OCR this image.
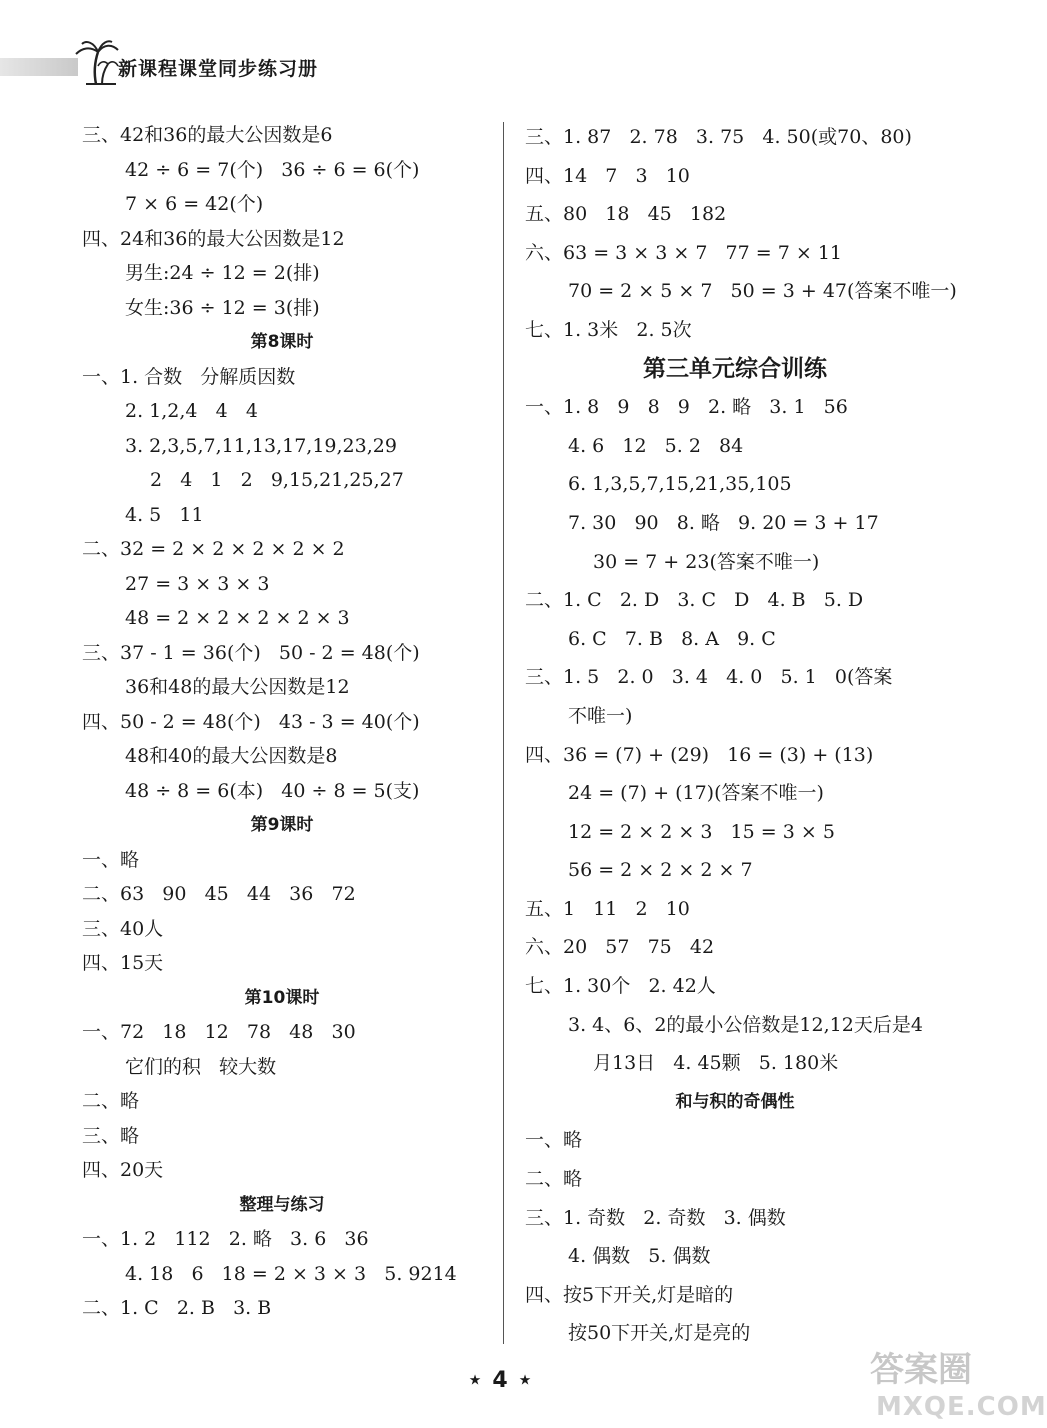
新课程课堂同步练习册
三、42和36的最大公因数是6
42 ÷ 6 = 7(个)   36 ÷ 6 = 6(个)
7 × 6 = 42(个)
四、24和36的最大公因数是12
男生:24 ÷ 12 = 2(排)
女生:36 ÷ 12 = 3(排)
第8课时
一、1. 合数   分解质因数
2. 1,2,4   4   4
3. 2,3,5,7,11,13,17,19,23,29
2   4   1   2   9,15,21,25,27
4. 5   11
二、32 = 2 × 2 × 2 × 2 × 2
27 = 3 × 3 × 3
48 = 2 × 2 × 2 × 2 × 3
三、37 - 1 = 36(个)   50 - 2 = 48(个)
36和48的最大公因数是12
四、50 - 2 = 48(个)   43 - 3 = 40(个)
48和40的最大公因数是8
48 ÷ 8 = 6(本)   40 ÷ 8 = 5(支)
第9课时
一、略
二、63   90   45   44   36   72
三、40人
四、15天
第10课时
一、72   18   12   78   48   30
它们的积   较大数
二、略
三、略
四、20天
整理与练习
一、1. 2   112   2. 略   3. 6   36
4. 18   6   18 = 2 × 3 × 3   5. 9214
二、1. C   2. B   3. B
三、1. 87   2. 78   3. 75   4. 50(或70、80)
四、14   7   3   10
五、80   18   45   182
六、63 = 3 × 3 × 7   77 = 7 × 11
70 = 2 × 5 × 7   50 = 3 + 47(答案不唯一)
七、1. 3米   2. 5次
第三单元综合训练
一、1. 8   9   8   9   2. 略   3. 1   56
4. 6   12   5. 2   84
6. 1,3,5,7,15,21,35,105
7. 30   90   8. 略   9. 20 = 3 + 17
30 = 7 + 23(答案不唯一)
二、1. C   2. D   3. C   D   4. B   5. D
6. C   7. B   8. A   9. C
三、1. 5   2. 0   3. 4   4. 0   5. 1   0(答案
不唯一)
四、36 = (7) + (29)   16 = (3) + (13)
24 = (7) + (17)(答案不唯一)
12 = 2 × 2 × 3   15 = 3 × 5
56 = 2 × 2 × 2 × 7
五、1   11   2   10
六、20   57   75   42
七、1. 30个   2. 42人
3. 4、6、2的最小公倍数是12,12天后是4
月13日   4. 45颗   5. 180米
和与积的奇偶性
一、略
二、略
三、1. 奇数   2. 奇数   3. 偶数
4. 偶数   5. 偶数
四、按5下开关,灯是暗的
按50下开关,灯是亮的
★ 4 ★	答案圈
MXQE.COM
